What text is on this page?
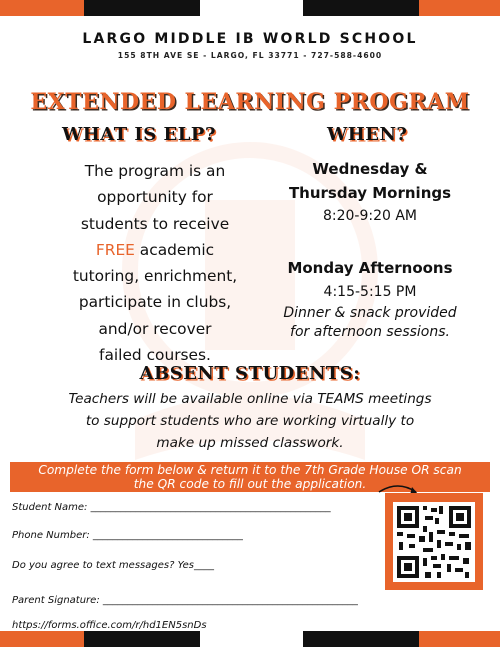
LARGO MIDDLE IB WORLD SCHOOL
155 8TH AVE SE - LARGO, FL 33771 - 727-588-4600
EXTENDED LEARNING PROGRAM
WHAT IS ELP?	WHEN?
The program is an
opportunity for
students to receive
FREE academic
tutoring, enrichment,
participate in clubs,
and/or recover
failed courses.
Wednesday &
Thursday Mornings
8:20-9:20 AM
Monday Afternoons
4:15-5:15 PM
Dinner & snack provided
for afternoon sessions.
ABSENT STUDENTS:
Teachers will be available online via TEAMS meetings
to support students who are working virtually to
make up missed classwork.
Complete the form below & return it to the 7th Grade House OR scan
the QR code to fill out the application.
Student Name: ________________________________________________
Phone Number: ______________________________
Do you agree to text messages? Yes____
Parent Signature: ___________________________________________________
https://forms.office.com/r/hd1EN5snDs
